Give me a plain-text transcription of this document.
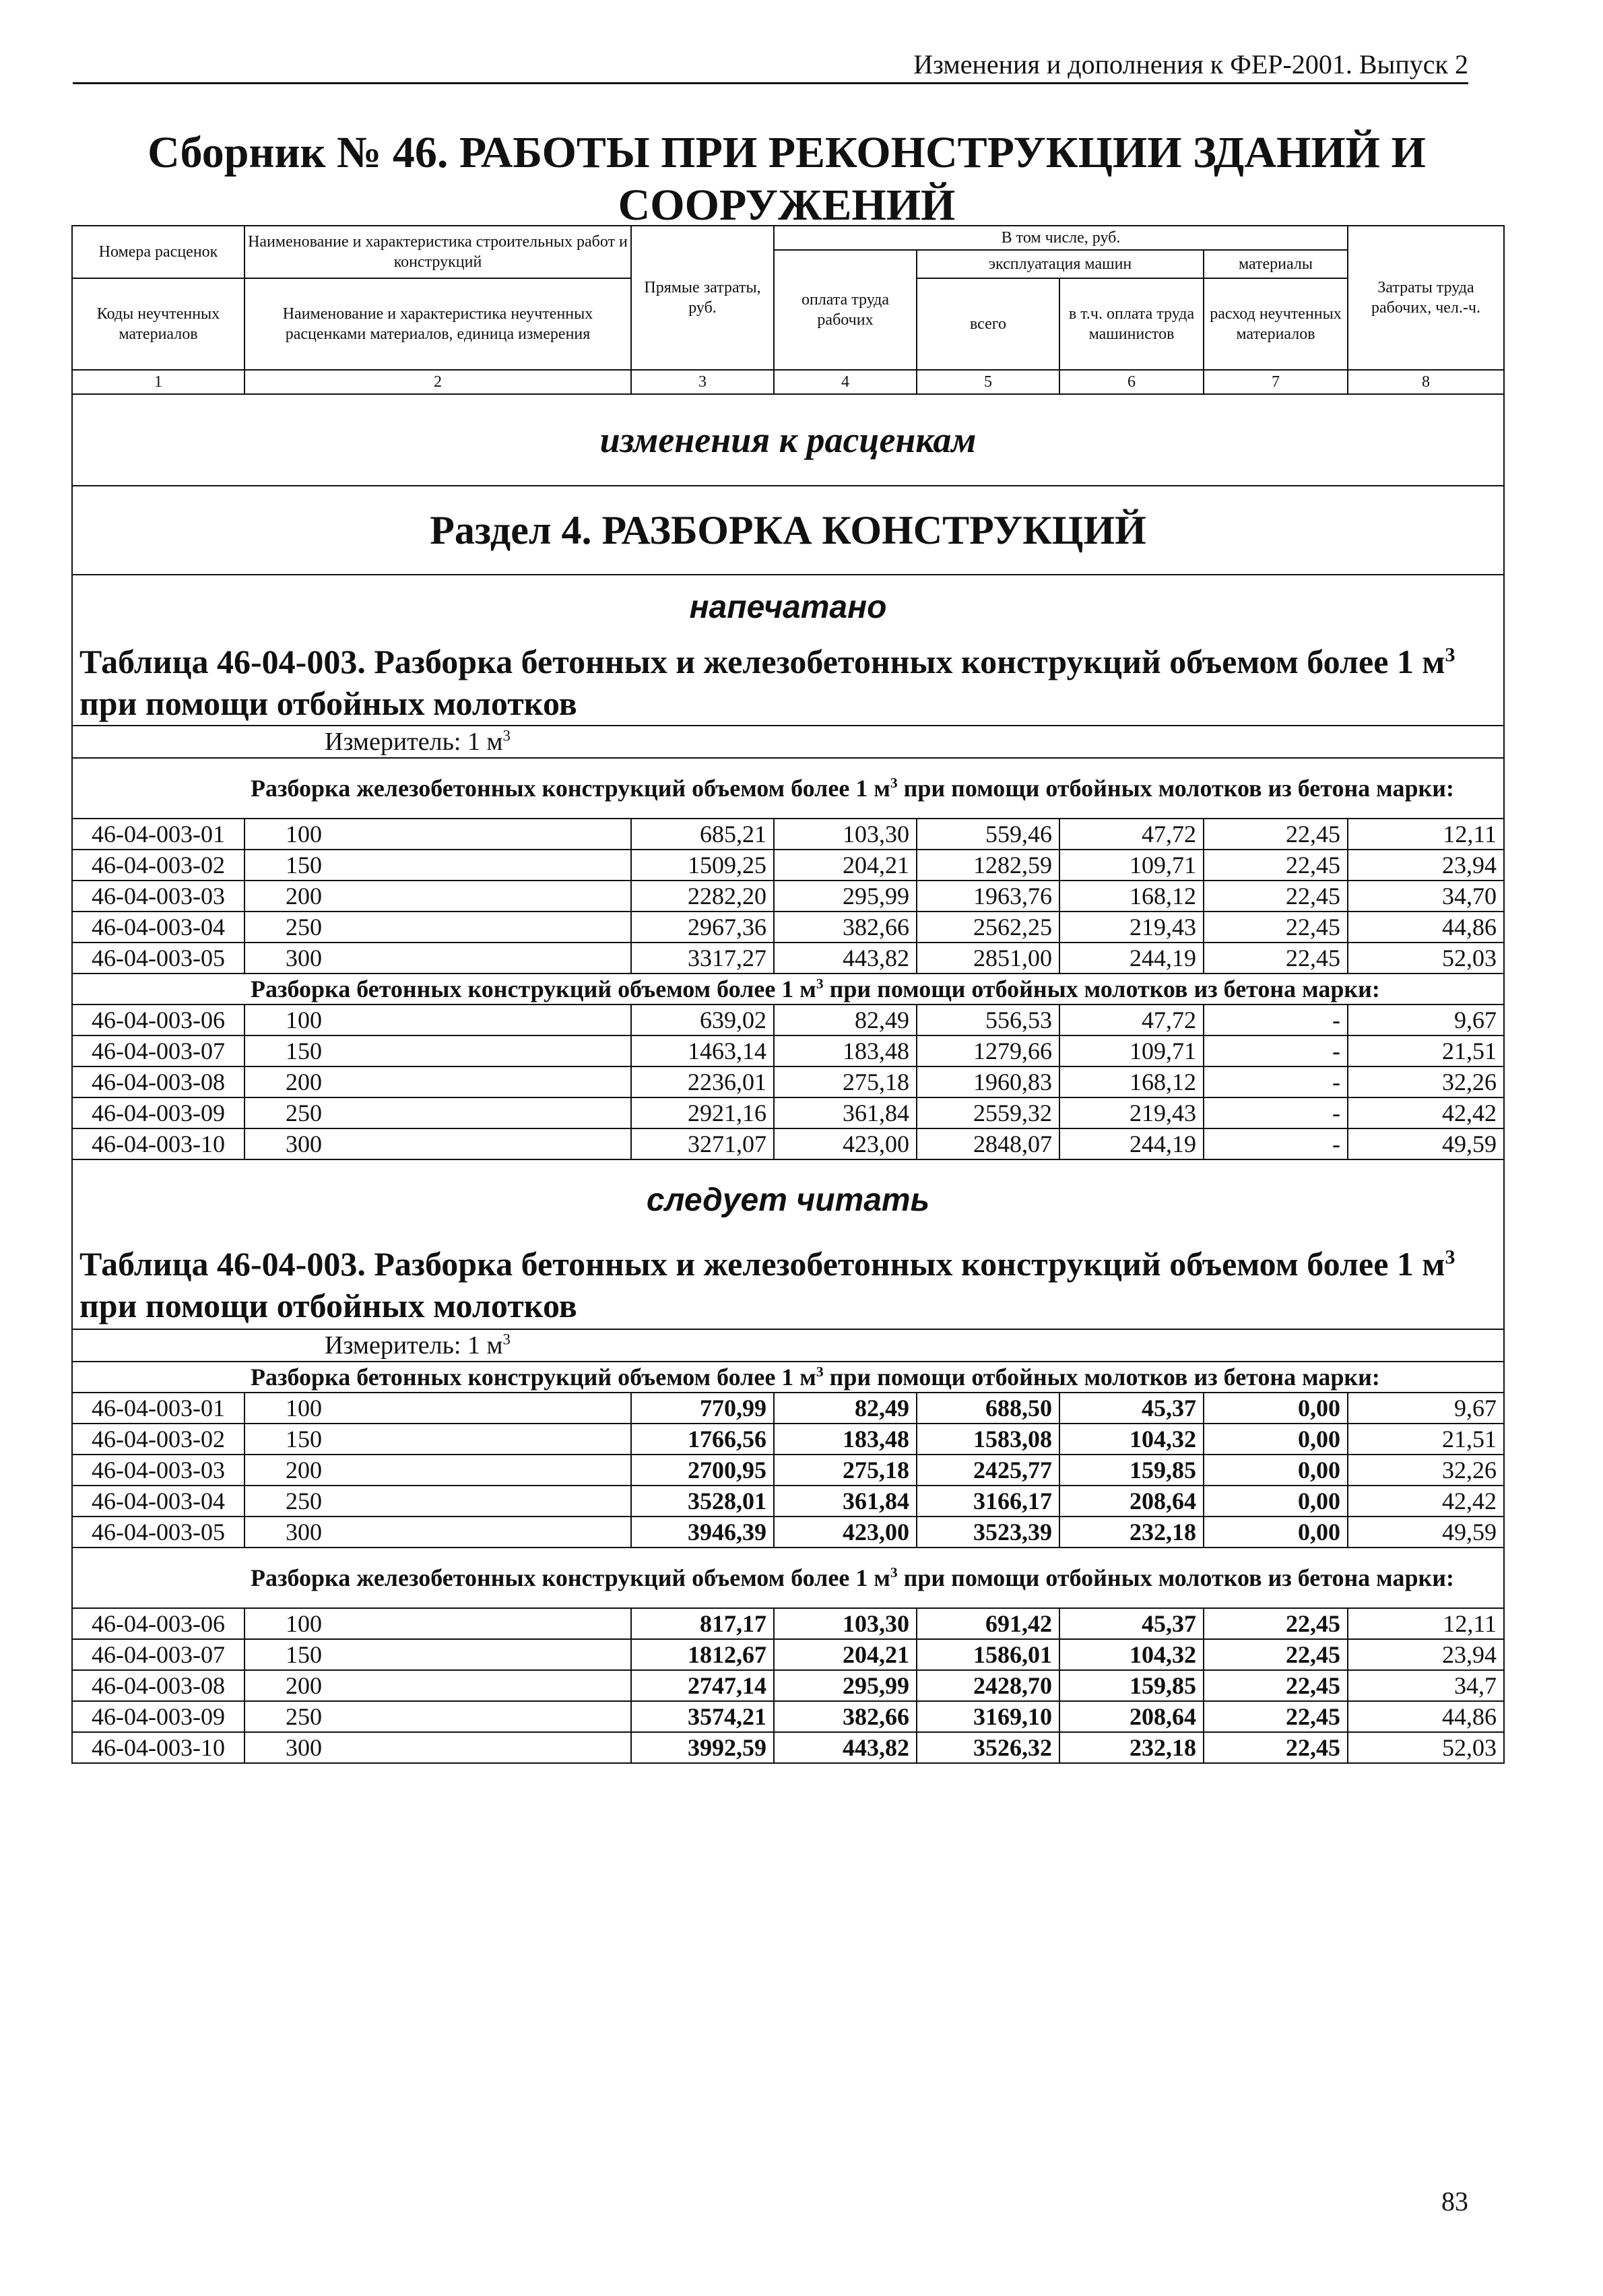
Изменения и дополнения к ФЕР-2001. Выпуск 2
Сборник № 46. РАБОТЫ ПРИ РЕКОНСТРУКЦИИ ЗДАНИЙ И СООРУЖЕНИЙ
Номера расценок	Наименование и характеристика строительных работ и конструкций	Прямые затраты, руб.	В том числе, руб.				Затраты труда рабочих, чел.-ч.
			оплата труда рабочих	эксплуатация машин		материалы	
Коды неучтенных материалов	Наименование и характеристика неучтенных расценками материалов, единица измерения			всего	в т.ч. оплата труда машинистов	расход неучтенных материалов	

1	2	3	4	5	6	7	8
изменения к расценкам							
Раздел 4. РАЗБОРКА КОНСТРУКЦИЙ							
напечатано							
Таблица 46-04-003. Разборка бетонных и железобетонных конструкций объемом более 1 $м^3$
при помощи отбойных молотков							
Измеритель: 1 $м^3$
Разборка железобетонных конструкций объемом более 1 $м^3$ при помощи отбойных молотков из бетона марки:							
46-04-003-01	100	685,21	103,30	559,46	47,72	22,45	12,11
46-04-003-02	150	1509,25	204,21	1282,59	109,71	22,45	23,94
46-04-003-03	200	2282,20	295,99	1963,76	168,12	22,45	34,70
46-04-003-04	250	2967,36	382,66	2562,25	219,43	22,45	44,86
46-04-003-05	300	3317,27	443,82	2851,00	244,19	22,45	52,03
Разборка бетонных конструкций объемом более 1 $м^3$ при помощи отбойных молотков из бетона марки:							
46-04-003-06	100	639,02	82,49	556,53	47,72	-	9,67
46-04-003-07	150	1463,14	183,48	1279,66	109,71	-	21,51
46-04-003-08	200	2236,01	275,18	1960,83	168,12	-	32,26
46-04-003-09	250	2921,16	361,84	2559,32	219,43	-	42,42
46-04-003-10	300	3271,07	423,00	2848,07	244,19	-	49,59
следует читать							
Таблица 46-04-003. Разборка бетонных и железобетонных конструкций объемом более 1 $м^3$
при помощи отбойных молотков							
Измеритель: 1 $м^3$
Разборка бетонных конструкций объемом более 1 $м^3$ при помощи отбойных молотков из бетона марки:							
46-04-003-01	100	770,99	82,49	688,50	45,37	0,00	9,67
46-04-003-02	150	1766,56	183,48	1583,08	104,32	0,00	21,51
46-04-003-03	200	2700,95	275,18	2425,77	159,85	0,00	32,26
46-04-003-04	250	3528,01	361,84	3166,17	208,64	0,00	42,42
46-04-003-05	300	3946,39	423,00	3523,39	232,18	0,00	49,59
Разборка железобетонных конструкций объемом более 1 $м^3$ при помощи отбойных молотков из бетона марки:							
46-04-003-06	100	817,17	103,30	691,42	45,37	22,45	12,11
46-04-003-07	150	1812,67	204,21	1586,01	104,32	22,45	23,94
46-04-003-08	200	2747,14	295,99	2428,70	159,85	22,45	34,7
46-04-003-09	250	3574,21	382,66	3169,10	208,64	22,45	44,86
46-04-003-10	300	3992,59	443,82	3526,32	232,18	22,45	52,03
83
